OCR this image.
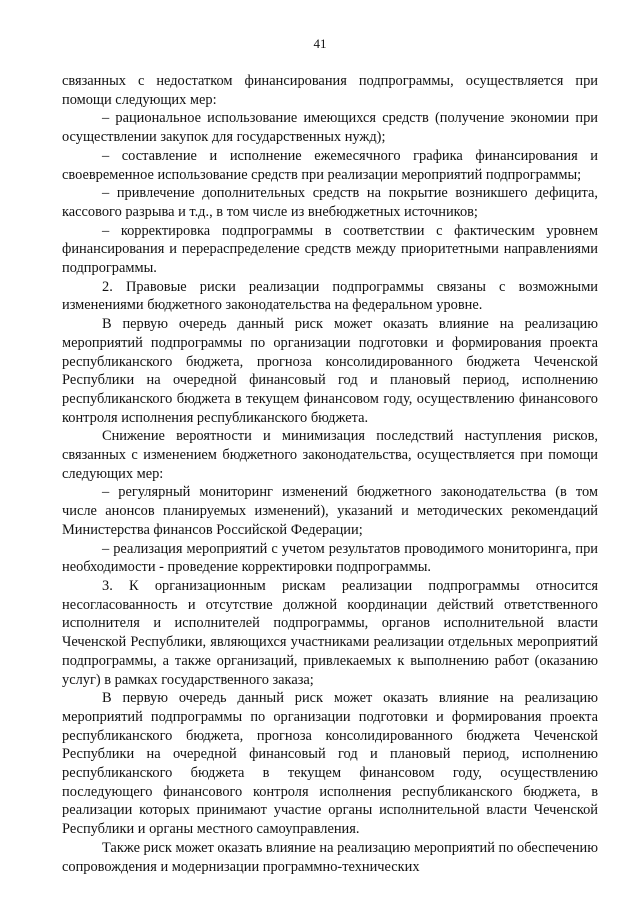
41

связанных с недостатком финансирования подпрограммы, осуществляется при помощи следующих мер:

– рациональное использование имеющихся средств (получение экономии при осуществлении закупок для государственных нужд);

– составление и исполнение ежемесячного графика финансирования и своевременное использование средств при реализации мероприятий подпрограммы;

– привлечение дополнительных средств на покрытие возникшего дефицита, кассового разрыва и т.д., в том числе из внебюджетных источников;

– корректировка подпрограммы в соответствии с фактическим уровнем финансирования и перераспределение средств между приоритетными направлениями подпрограммы.

2. Правовые риски реализации подпрограммы связаны с возможными изменениями бюджетного законодательства на федеральном уровне.

В первую очередь данный риск может оказать влияние на реализацию мероприятий подпрограммы по организации подготовки и формирования проекта республиканского бюджета, прогноза консолидированного бюджета Чеченской Республики на очередной финансовый год и плановый период, исполнению республиканского бюджета в текущем финансовом году, осуществлению финансового контроля исполнения республиканского бюджета.

Снижение вероятности и минимизация последствий наступления рисков, связанных с изменением бюджетного законодательства, осуществляется при помощи следующих мер:

– регулярный мониторинг изменений бюджетного законодательства (в том числе анонсов планируемых изменений), указаний и методических рекомендаций Министерства финансов Российской Федерации;

– реализация мероприятий с учетом результатов проводимого мониторинга, при необходимости - проведение корректировки подпрограммы.

3. К организационным рискам реализации подпрограммы относится несогласованность и отсутствие должной координации действий ответственного исполнителя и исполнителей подпрограммы, органов исполнительной власти Чеченской Республики, являющихся участниками реализации отдельных мероприятий подпрограммы, а также организаций, привлекаемых к выполнению работ (оказанию услуг) в рамках государственного заказа;

В первую очередь данный риск может оказать влияние на реализацию мероприятий подпрограммы по организации подготовки и формирования проекта республиканского бюджета, прогноза консолидированного бюджета Чеченской Республики на очередной финансовый год и плановый период, исполнению республиканского бюджета в текущем финансовом году, осуществлению последующего финансового контроля исполнения республиканского бюджета, в реализации которых принимают участие органы исполнительной власти Чеченской Республики и органы местного самоуправления.

Также риск может оказать влияние на реализацию мероприятий по обеспечению сопровождения и модернизации программно-технических
